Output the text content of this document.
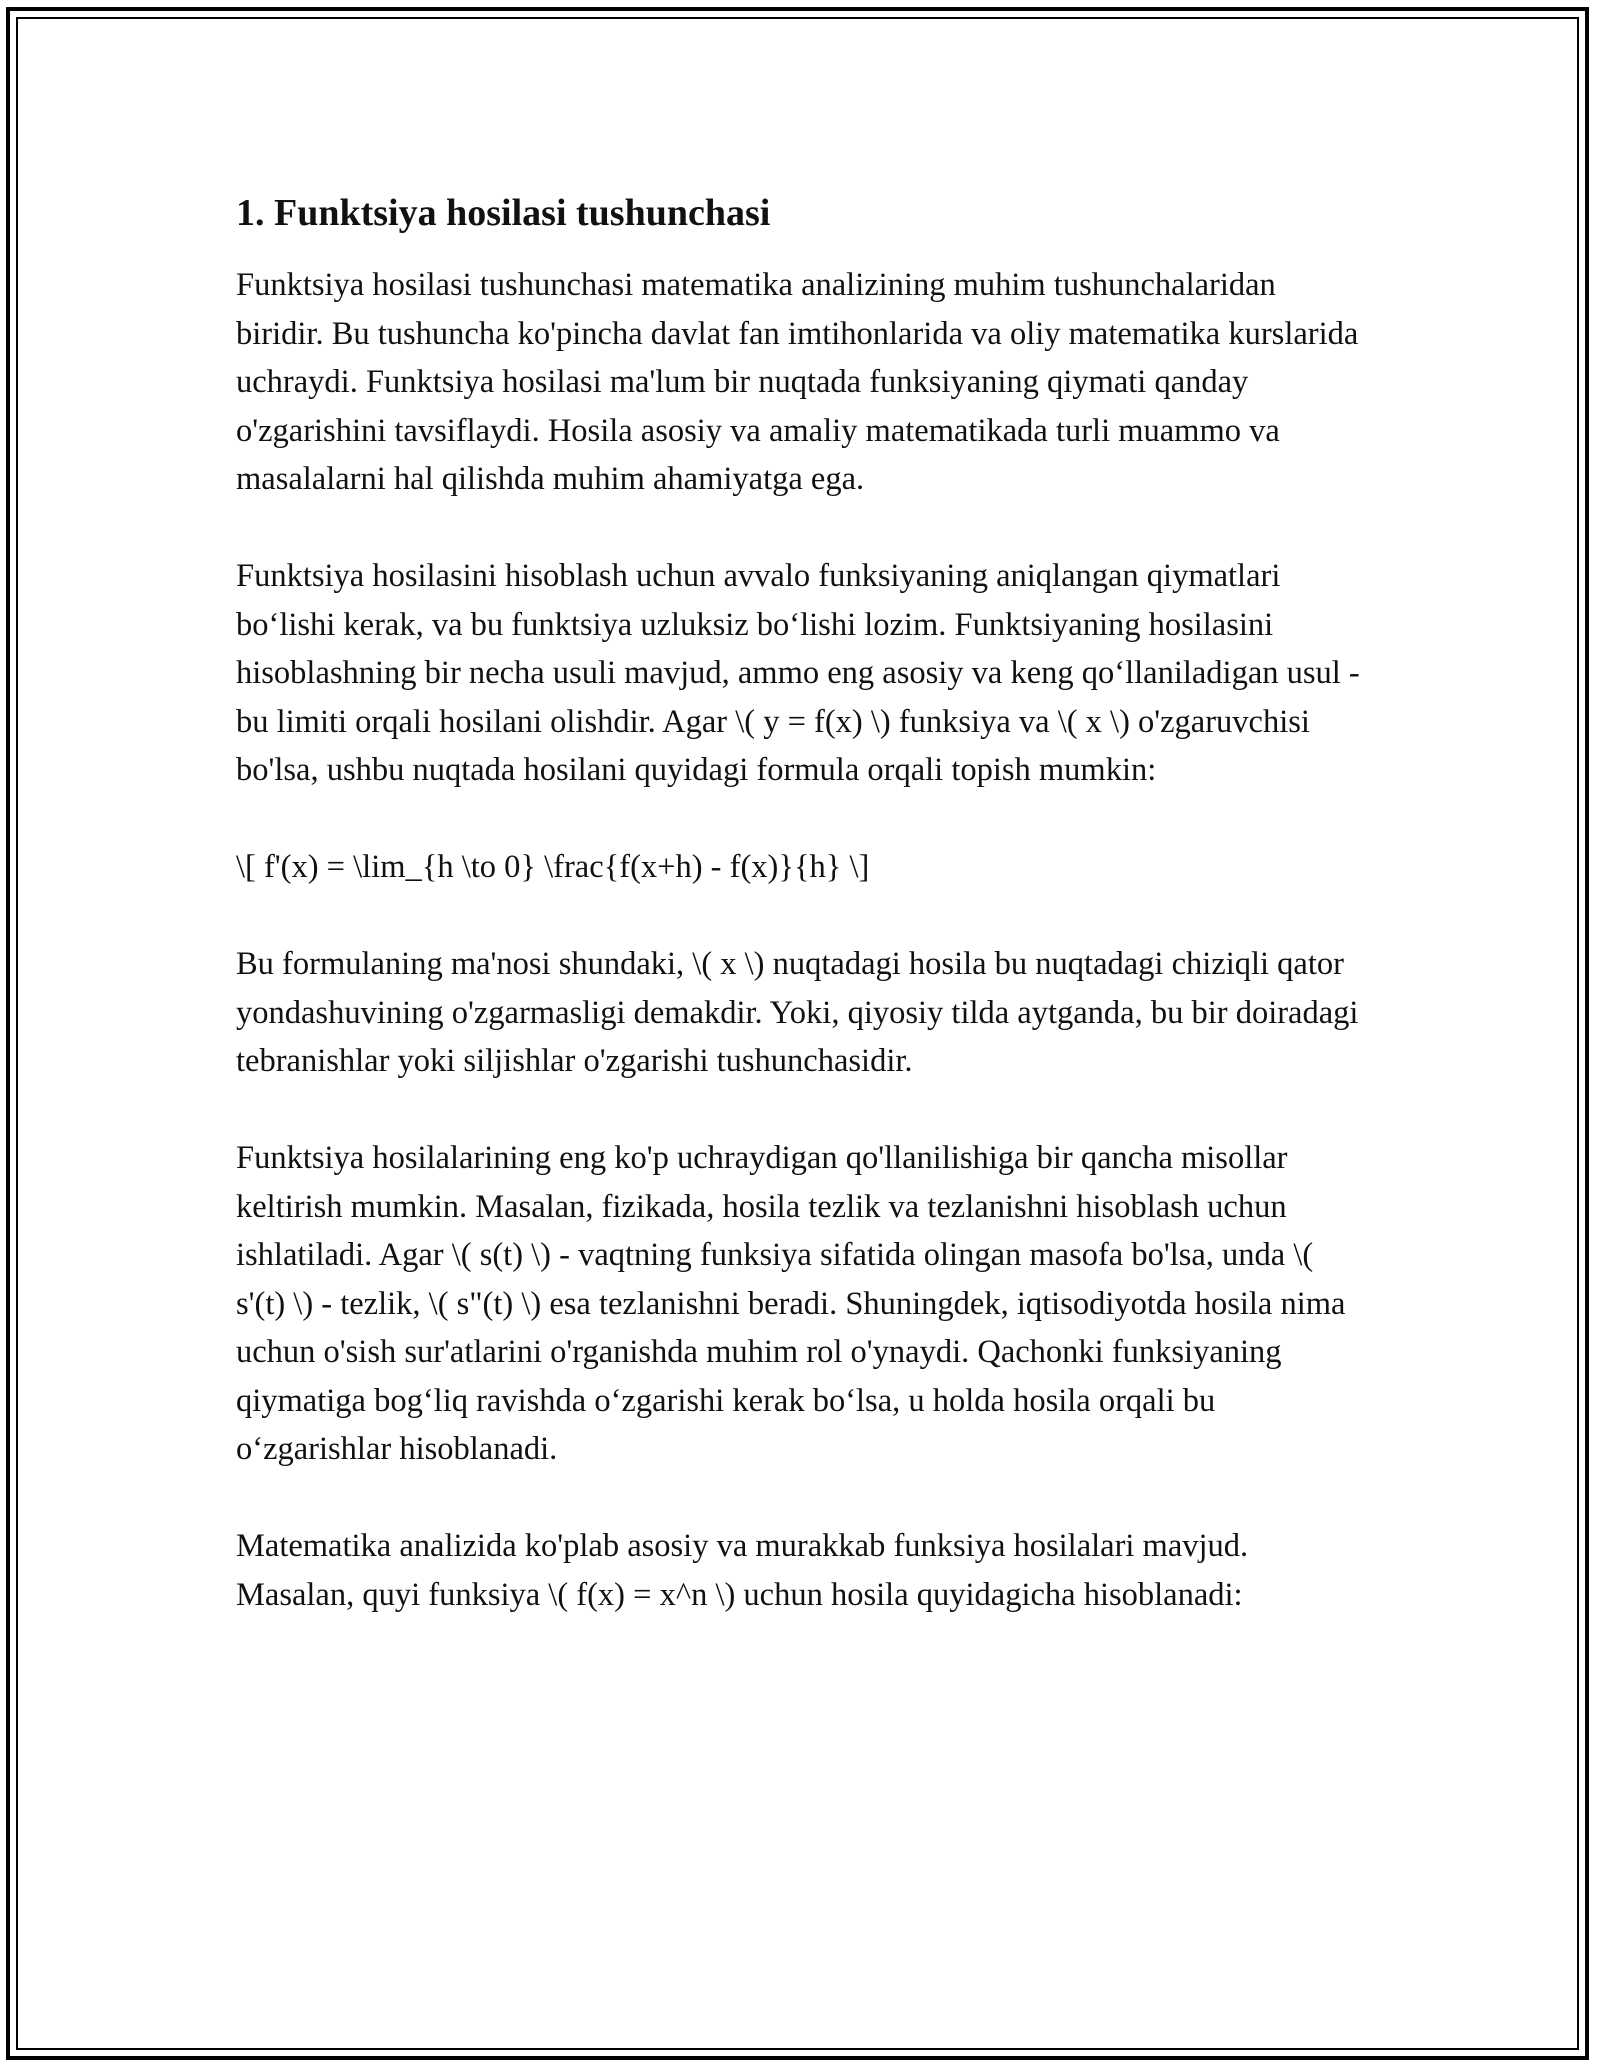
1. Funktsiya hosilasi tushunchasi

Funktsiya hosilasi tushunchasi matematika analizining muhim tushunchalaridan biridir. Bu tushuncha ko'pincha davlat fan imtihonlarida va oliy matematika kurslarida uchraydi. Funktsiya hosilasi ma'lum bir nuqtada funksiyaning qiymati qanday o'zgarishini tavsiflaydi. Hosila asosiy va amaliy matematikada turli muammo va masalalarni hal qilishda muhim ahamiyatga ega.

Funktsiya hosilasini hisoblash uchun avvalo funksiyaning aniqlangan qiymatlari bo‘lishi kerak, va bu funktsiya uzluksiz bo‘lishi lozim. Funktsiyaning hosilasini hisoblashning bir necha usuli mavjud, ammo eng asosiy va keng qo‘llaniladigan usul - bu limiti orqali hosilani olishdir. Agar \( y = f(x) \) funksiya va \( x \) o'zgaruvchisi bo'lsa, ushbu nuqtada hosilani quyidagi formula orqali topish mumkin:

\[ f'(x) = \lim_{h \to 0} \frac{f(x+h) - f(x)}{h} \]

Bu formulaning ma'nosi shundaki, \( x \) nuqtadagi hosila bu nuqtadagi chiziqli qator yondashuvining o'zgarmasligi demakdir. Yoki, qiyosiy tilda aytganda, bu bir doiradagi tebranishlar yoki siljishlar o'zgarishi tushunchasidir.

Funktsiya hosilalarining eng ko'p uchraydigan qo'llanilishiga bir qancha misollar keltirish mumkin. Masalan, fizikada, hosila tezlik va tezlanishni hisoblash uchun ishlatiladi. Agar \( s(t) \) - vaqtning funksiya sifatida olingan masofa bo'lsa, unda \( s'(t) \) - tezlik, \( s"(t) \) esa tezlanishni beradi. Shuningdek, iqtisodiyotda hosila nima uchun o'sish sur'atlarini o'rganishda muhim rol o'ynaydi. Qachonki funksiyaning qiymatiga bog‘liq ravishda o‘zgarishi kerak bo‘lsa, u holda hosila orqali bu o‘zgarishlar hisoblanadi.

Matematika analizida ko'plab asosiy va murakkab funksiya hosilalari mavjud. Masalan, quyi funksiya \( f(x) = x^n \) uchun hosila quyidagicha hisoblanadi:
